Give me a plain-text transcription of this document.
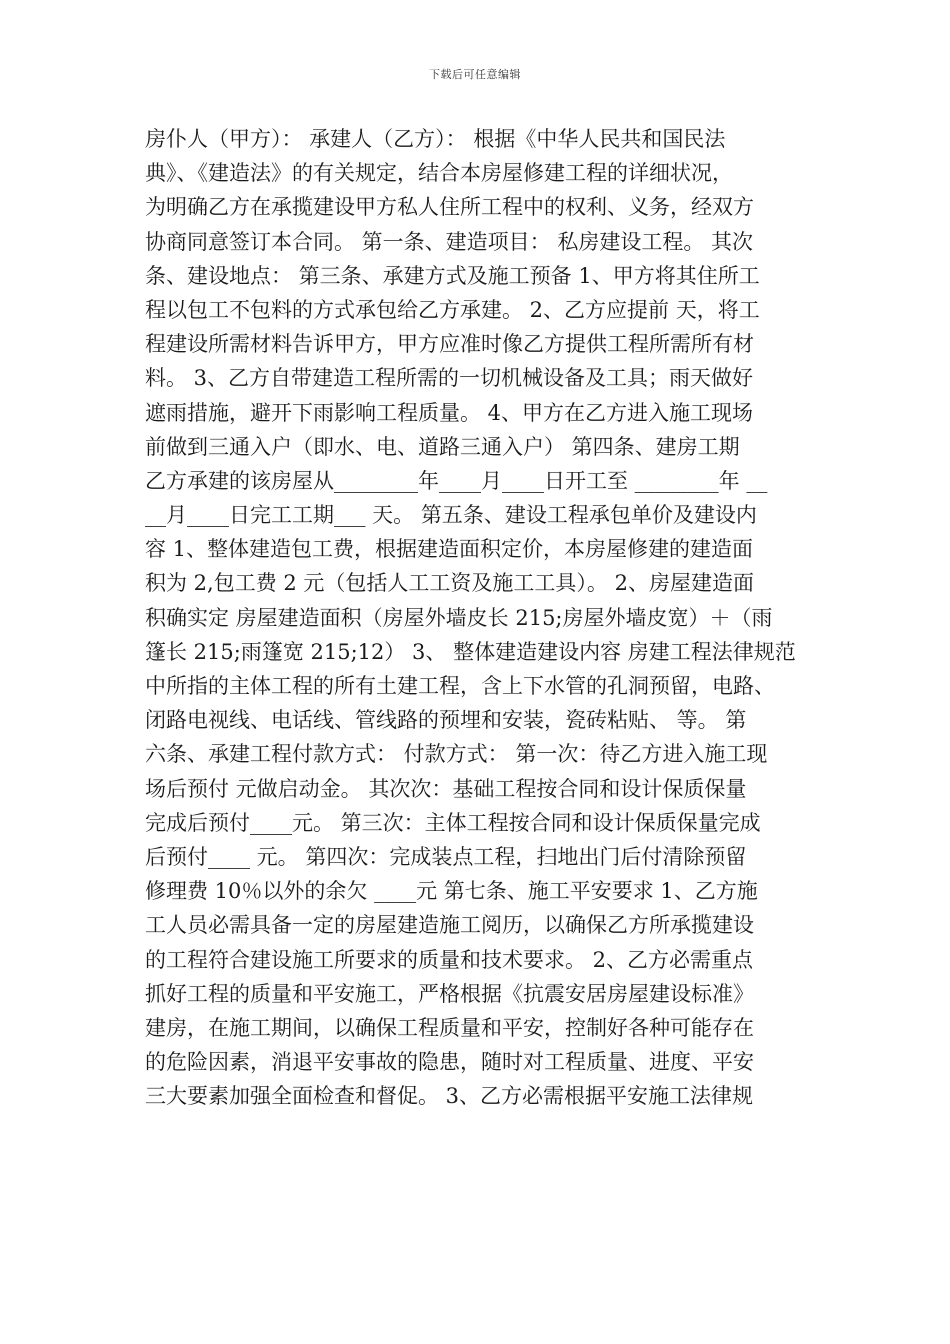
下载后可任意编辑
房仆人（甲方）： 承建人（乙方）： 根据《中华人民共和国民法
典》、《建造法》的有关规定，结合本房屋修建工程的详细状况，
为明确乙方在承揽建设甲方私人住所工程中的权利、义务，经双方
协商同意签订本合同。 第一条、建造项目： 私房建设工程。 其次
条、建设地点： 第三条、承建方式及施工预备 1、甲方将其住所工
程以包工不包料的方式承包给乙方承建。 2、乙方应提前 天，将工
程建设所需材料告诉甲方，甲方应准时像乙方提供工程所需所有材
料。 3、乙方自带建造工程所需的一切机械设备及工具；雨天做好
遮雨措施，避开下雨影响工程质量。 4、甲方在乙方进入施工现场
前做到三通入户（即水、电、道路三通入户） 第四条、建房工期
乙方承建的该房屋从________年____月____日开工至 ________年 __
__月____日完工工期___ 天。 第五条、建设工程承包单价及建设内
容 1、整体建造包工费，根据建造面积定价，本房屋修建的建造面
积为 2,包工费 2 元（包括人工工资及施工工具）。 2、房屋建造面
积确实定 房屋建造面积（房屋外墙皮长 215;房屋外墙皮宽）＋（雨
篷长 215;雨篷宽 215;12） 3、 整体建造建设内容 房建工程法律规范
中所指的主体工程的所有土建工程，含上下水管的孔洞预留，电路、
闭路电视线、电话线、管线路的预埋和安装，瓷砖粘贴、 等。 第
六条、承建工程付款方式： 付款方式： 第一次：待乙方进入施工现
场后预付 元做启动金。 其次次：基础工程按合同和设计保质保量
完成后预付____元。 第三次：主体工程按合同和设计保质保量完成
后预付____ 元。 第四次：完成装点工程，扫地出门后付清除预留
修理费 10％以外的余欠 ____元 第七条、施工平安要求 1、乙方施
工人员必需具备一定的房屋建造施工阅历，以确保乙方所承揽建设
的工程符合建设施工所要求的质量和技术要求。 2、乙方必需重点
抓好工程的质量和平安施工，严格根据《抗震安居房屋建设标准》
建房，在施工期间，以确保工程质量和平安，控制好各种可能存在
的危险因素，消退平安事故的隐患，随时对工程质量、进度、平安
三大要素加强全面检查和督促。 3、乙方必需根据平安施工法律规
